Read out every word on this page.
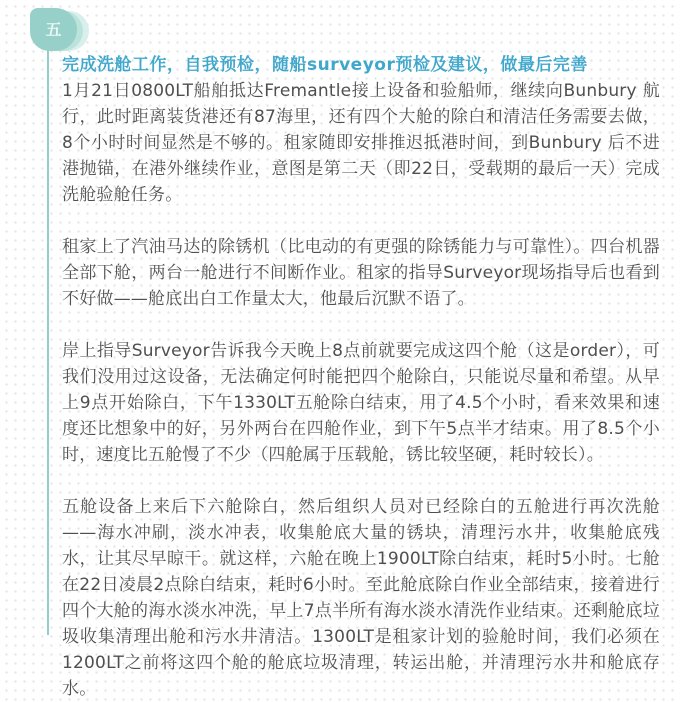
五
完成洗舱工作，自我预检，随船surveyor预检及建议，做最后完善

1月21日0800LT船舶抵达Fremantle接上设备和验船师，继续向Bunbury 航行，此时距离装货港还有87海里，还有四个大舱的除白和清洁任务需要去做，8个小时时间显然是不够的。租家随即安排推迟抵港时间，到Bunbury 后不进港抛锚，在港外继续作业，意图是第二天（即22日，受载期的最后一天）完成洗舱验舱任务。

租家上了汽油马达的除锈机（比电动的有更强的除锈能力与可靠性）。四台机器全部下舱，两台一舱进行不间断作业。租家的指导Surveyor现场指导后也看到不好做——舱底出白工作量太大，他最后沉默不语了。

岸上指导Surveyor告诉我今天晚上8点前就要完成这四个舱（这是order），可我们没用过这设备，无法确定何时能把四个舱除白，只能说尽量和希望。从早上9点开始除白，下午1330LT五舱除白结束，用了4.5个小时，看来效果和速度还比想象中的好，另外两台在四舱作业，到下午5点半才结束。用了8.5个小时，速度比五舱慢了不少（四舱属于压载舱，锈比较坚硬，耗时较长）。

五舱设备上来后下六舱除白，然后组织人员对已经除白的五舱进行再次洗舱——海水冲刷，淡水冲表，收集舱底大量的锈块，清理污水井，收集舱底残水，让其尽早晾干。就这样，六舱在晚上1900LT除白结束，耗时5小时。七舱在22日凌晨2点除白结束，耗时6小时。至此舱底除白作业全部结束，接着进行四个大舱的海水淡水冲洗，早上7点半所有海水淡水清洗作业结束。还剩舱底垃圾收集清理出舱和污水井清洁。1300LT是租家计划的验舱时间，我们必须在1200LT之前将这四个舱的舱底垃圾清理，转运出舱，并清理污水井和舱底存水。
